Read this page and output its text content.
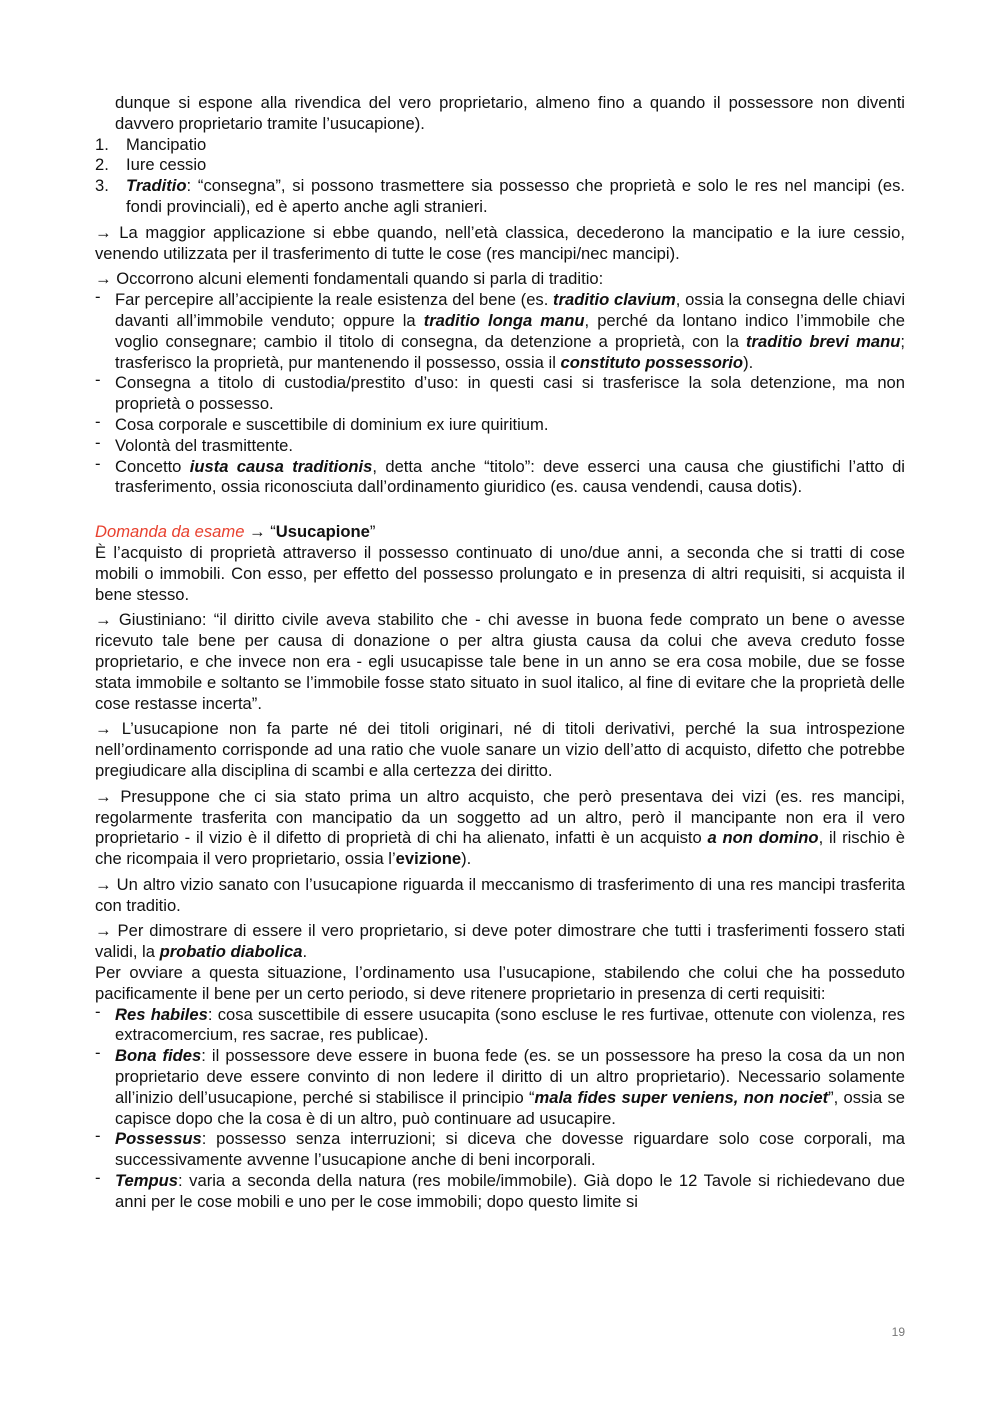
dunque si espone alla rivendica del vero proprietario, almeno fino a quando il possessore non diventi davvero proprietario tramite l’usucapione).

1. Mancipatio
2. Iure cessio
3. Traditio: “consegna”, si possono trasmettere sia possesso che proprietà e solo le res nel mancipi (es. fondi provinciali), ed è aperto anche agli stranieri.

→ La maggior applicazione si ebbe quando, nell’età classica, decederono la mancipatio e la iure cessio, venendo utilizzata per il trasferimento di tutte le cose (res mancipi/nec mancipi).

→ Occorrono alcuni elementi fondamentali quando si parla di traditio:

- Far percepire all’accipiente la reale esistenza del bene (es. traditio clavium, ossia la consegna delle chiavi davanti all’immobile venduto; oppure la traditio longa manu, perché da lontano indico l’immobile che voglio consegnare; cambio il titolo di consegna, da detenzione a proprietà, con la traditio brevi manu; trasferisco la proprietà, pur mantenendo il possesso, ossia il constituto possessorio).
- Consegna a titolo di custodia/prestito d’uso: in questi casi si trasferisce la sola detenzione, ma non proprietà o possesso.
- Cosa corporale e suscettibile di dominium ex iure quiritium.
- Volontà del trasmittente.
- Concetto iusta causa traditionis, detta anche “titolo”: deve esserci una causa che giustifichi l’atto di trasferimento, ossia riconosciuta dall’ordinamento giuridico (es. causa vendendi, causa dotis).

Domanda da esame → “Usucapione”

È l’acquisto di proprietà attraverso il possesso continuato di uno/due anni, a seconda che si tratti di cose mobili o immobili. Con esso, per effetto del possesso prolungato e in presenza di altri requisiti, si acquista il bene stesso.

→ Giustiniano: “il diritto civile aveva stabilito che - chi avesse in buona fede comprato un bene o avesse ricevuto tale bene per causa di donazione o per altra giusta causa da colui che aveva creduto fosse proprietario, e che invece non era - egli usucapisse tale bene in un anno se era cosa mobile, due se fosse stata immobile e soltanto se l’immobile fosse stato situato in suol italico, al fine di evitare che la proprietà delle cose restasse incerta”.

→ L’usucapione non fa parte né dei titoli originari, né di titoli derivativi, perché la sua introspezione nell’ordinamento corrisponde ad una ratio che vuole sanare un vizio dell’atto di acquisto, difetto che potrebbe pregiudicare alla disciplina di scambi e alla certezza dei diritto.

→ Presuppone che ci sia stato prima un altro acquisto, che però presentava dei vizi (es. res mancipi, regolarmente trasferita con mancipatio da un soggetto ad un altro, però il mancipante non era il vero proprietario - il vizio è il difetto di proprietà di chi ha alienato, infatti è un acquisto a non domino, il rischio è che ricompaia il vero proprietario, ossia l’evizione).

→ Un altro vizio sanato con l’usucapione riguarda il meccanismo di trasferimento di una res mancipi trasferita con traditio.

→ Per dimostrare di essere il vero proprietario, si deve poter dimostrare che tutti i trasferimenti fossero stati validi, la probatio diabolica.

Per ovviare a questa situazione, l’ordinamento usa l’usucapione, stabilendo che colui che ha posseduto pacificamente il bene per un certo periodo, si deve ritenere proprietario in presenza di certi requisiti:

- Res habiles: cosa suscettibile di essere usucapita (sono escluse le res furtivae, ottenute con violenza, res extracomercium, res sacrae, res publicae).
- Bona fides: il possessore deve essere in buona fede (es. se un possessore ha preso la cosa da un non proprietario deve essere convinto di non ledere il diritto di un altro proprietario). Necessario solamente all’inizio dell’usucapione, perché si stabilisce il principio “mala fides super veniens, non nociet”, ossia se capisce dopo che la cosa è di un altro, può continuare ad usucapire.
- Possessus: possesso senza interruzioni; si diceva che dovesse riguardare solo cose corporali, ma successivamente avvenne l’usucapione anche di beni incorporali.
- Tempus: varia a seconda della natura (res mobile/immobile). Già dopo le 12 Tavole si richiedevano due anni per le cose mobili e uno per le cose immobili; dopo questo limite si
19
